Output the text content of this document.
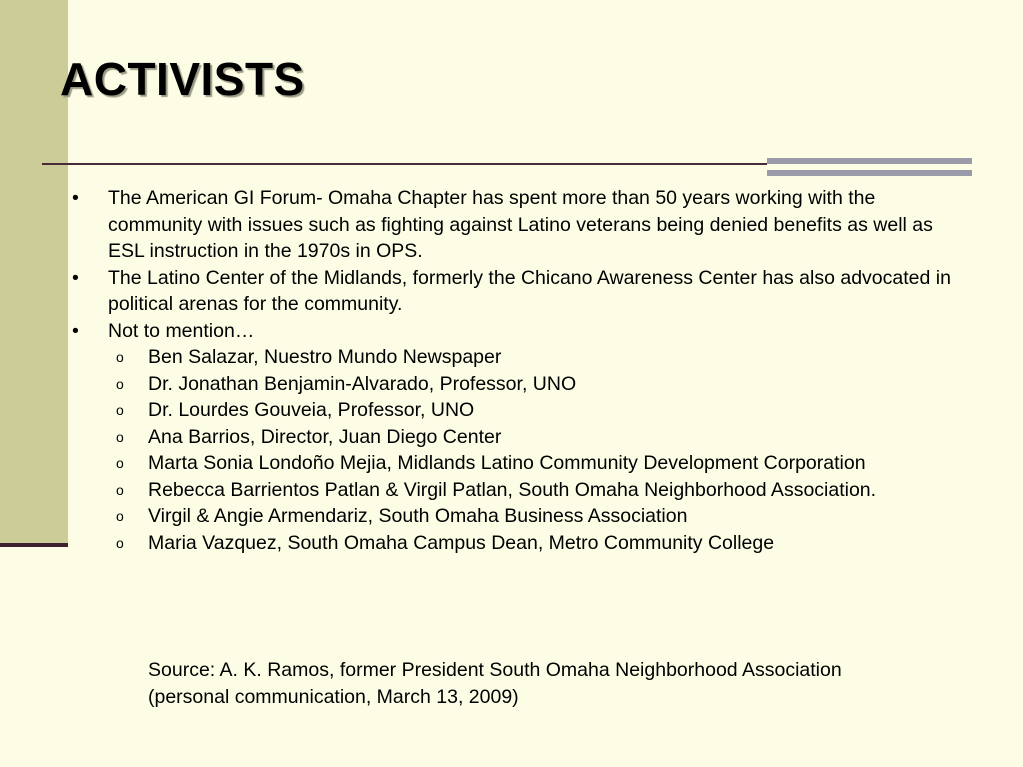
ACTIVISTS
• The American GI Forum- Omaha Chapter has spent more than 50 years working with the community with issues such as fighting against Latino veterans being denied benefits as well as ESL instruction in the 1970s in OPS.
• The Latino Center of the Midlands, formerly the Chicano Awareness Center has also advocated in political arenas for the community.
• Not to mention…
o Ben Salazar, Nuestro Mundo Newspaper
o Dr. Jonathan Benjamin-Alvarado, Professor, UNO
o Dr. Lourdes Gouveia, Professor, UNO
o Ana Barrios, Director, Juan Diego Center
o Marta Sonia Londoño Mejia, Midlands Latino Community Development Corporation
o Rebecca Barrientos Patlan & Virgil Patlan, South Omaha Neighborhood Association.
o Virgil & Angie Armendariz, South Omaha Business Association
o Maria Vazquez, South Omaha Campus Dean, Metro Community College
Source: A. K. Ramos, former President South Omaha Neighborhood Association (personal communication, March 13, 2009)
